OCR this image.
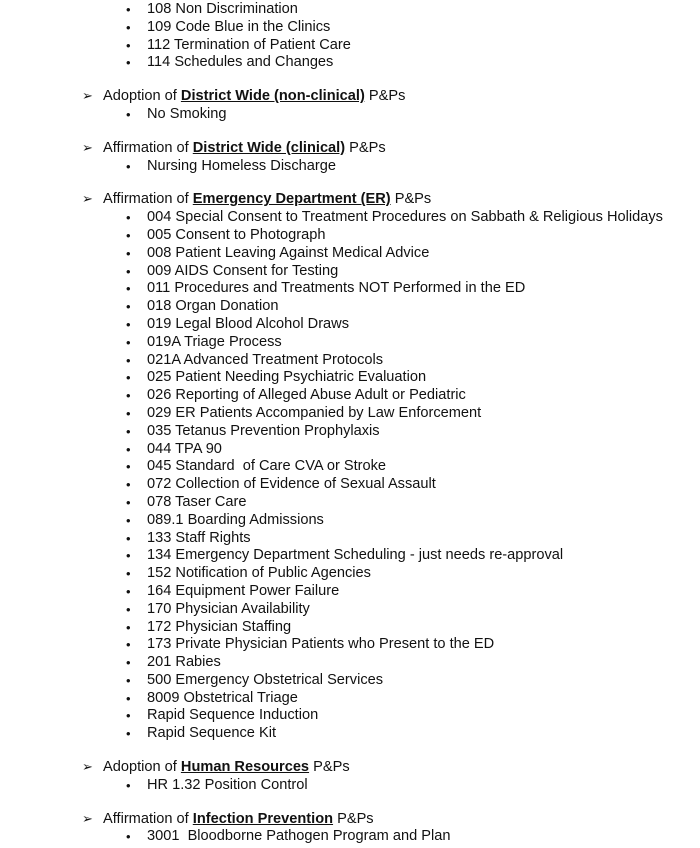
• 108 Non Discrimination
• 109 Code Blue in the Clinics
• 112 Termination of Patient Care
• 114 Schedules and Changes
➢ Adoption of District Wide (non-clinical) P&Ps
• No Smoking
➢ Affirmation of District Wide (clinical) P&Ps
• Nursing Homeless Discharge
➢ Affirmation of Emergency Department (ER) P&Ps
• 004 Special Consent to Treatment Procedures on Sabbath & Religious Holidays
• 005 Consent to Photograph
• 008 Patient Leaving Against Medical Advice
• 009 AIDS Consent for Testing
• 011 Procedures and Treatments NOT Performed in the ED
• 018 Organ Donation
• 019 Legal Blood Alcohol Draws
• 019A Triage Process
• 021A Advanced Treatment Protocols
• 025 Patient Needing Psychiatric Evaluation
• 026 Reporting of Alleged Abuse Adult or Pediatric
• 029 ER Patients Accompanied by Law Enforcement
• 035 Tetanus Prevention Prophylaxis
• 044 TPA 90
• 045 Standard  of Care CVA or Stroke
• 072 Collection of Evidence of Sexual Assault
• 078 Taser Care
• 089.1 Boarding Admissions
• 133 Staff Rights
• 134 Emergency Department Scheduling - just needs re-approval
• 152 Notification of Public Agencies
• 164 Equipment Power Failure
• 170 Physician Availability
• 172 Physician Staffing
• 173 Private Physician Patients who Present to the ED
• 201 Rabies
• 500 Emergency Obstetrical Services
• 8009 Obstetrical Triage
• Rapid Sequence Induction
• Rapid Sequence Kit
➢ Adoption of Human Resources P&Ps
• HR 1.32 Position Control
➢ Affirmation of Infection Prevention P&Ps
• 3001  Bloodborne Pathogen Program and Plan
